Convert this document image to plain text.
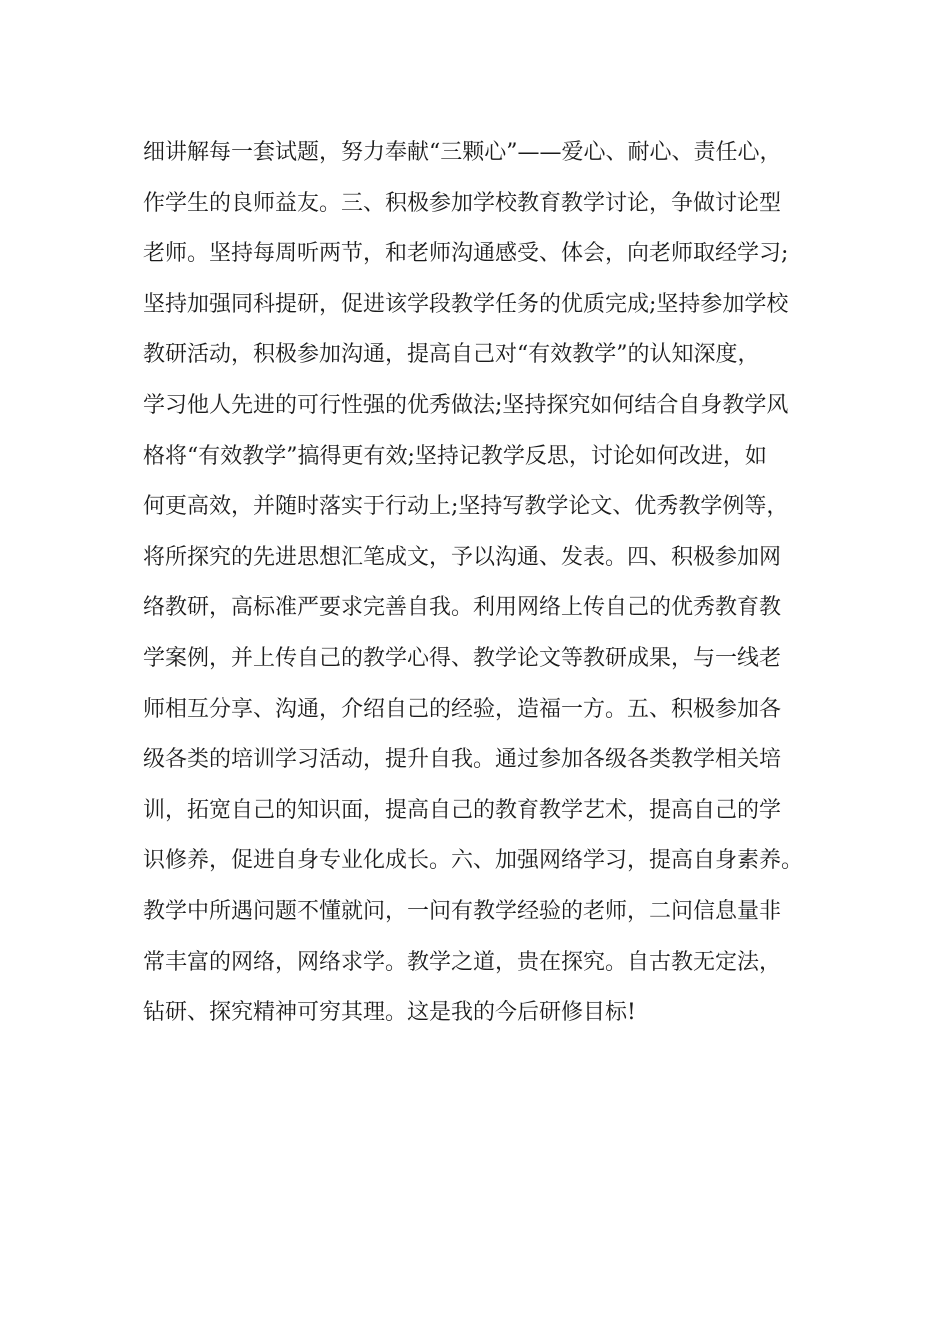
细讲解每一套试题，努力奉献“三颗心”——爱心、耐心、责任心，
作学生的良师益友。三、积极参加学校教育教学讨论，争做讨论型
老师。坚持每周听两节，和老师沟通感受、体会，向老师取经学习;
坚持加强同科提研，促进该学段教学任务的优质完成;坚持参加学校
教研活动，积极参加沟通，提高自己对“有效教学”的认知深度，
学习他人先进的可行性强的优秀做法;坚持探究如何结合自身教学风
格将“有效教学”搞得更有效;坚持记教学反思，讨论如何改进，如
何更高效，并随时落实于行动上;坚持写教学论文、优秀教学例等，
将所探究的先进思想汇笔成文，予以沟通、发表。四、积极参加网
络教研，高标准严要求完善自我。利用网络上传自己的优秀教育教
学案例，并上传自己的教学心得、教学论文等教研成果，与一线老
师相互分享、沟通，介绍自己的经验，造福一方。五、积极参加各
级各类的培训学习活动，提升自我。通过参加各级各类教学相关培
训，拓宽自己的知识面，提高自己的教育教学艺术，提高自己的学
识修养，促进自身专业化成长。六、加强网络学习，提高自身素养。
教学中所遇问题不懂就问，一问有教学经验的老师，二问信息量非
常丰富的网络，网络求学。教学之道，贵在探究。自古教无定法，
钻研、探究精神可穷其理。这是我的今后研修目标!
